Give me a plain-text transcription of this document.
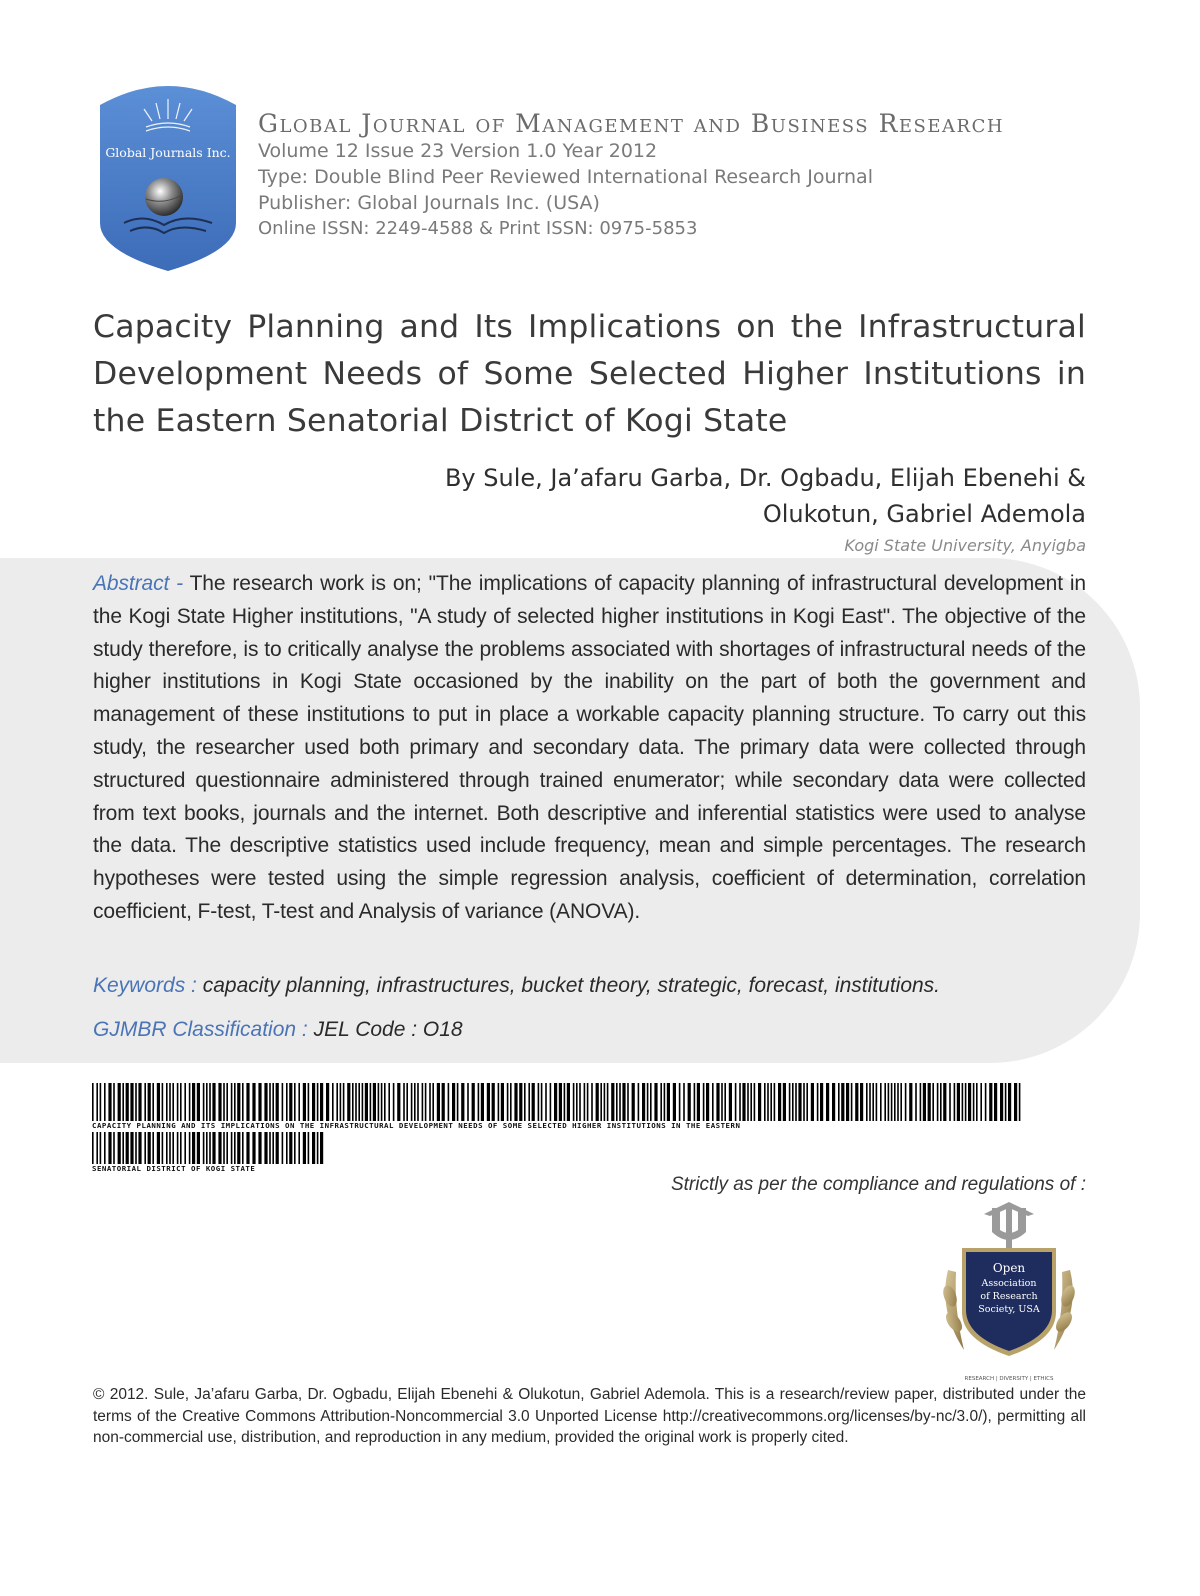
Global Journals Inc.
Global Journal of Management and Business Research
Volume 12 Issue 23 Version 1.0 Year 2012
Type: Double Blind Peer Reviewed International Research Journal
Publisher: Global Journals Inc. (USA)
Online ISSN: 2249-4588 & Print ISSN: 0975-5853
Capacity Planning and Its Implications on the Infrastructural Development Needs of Some Selected Higher Institutions in the Eastern Senatorial District of Kogi State
By Sule, Ja’afaru Garba, Dr. Ogbadu, Elijah Ebenehi &
Olukotun, Gabriel Ademola
Kogi State University, Anyigba
Abstract - The research work is on; "The implications of capacity planning of infrastructural development in the Kogi State Higher institutions, "A study of selected higher institutions in Kogi East". The objective of the study therefore, is to critically analyse the problems associated with shortages of infrastructural needs of the higher institutions in Kogi State occasioned by the inability on the part of both the government and management of these institutions to put in place a workable capacity planning structure. To carry out this study, the researcher used both primary and secondary data. The primary data were collected through structured questionnaire administered through trained enumerator; while secondary data were collected from text books, journals and the internet. Both descriptive and inferential statistics were used to analyse the data. The descriptive statistics used include frequency, mean and simple percentages. The research hypotheses were tested using the simple regression analysis, coefficient of determination, correlation coefficient, F-test, T-test and Analysis of variance (ANOVA).
Keywords : capacity planning, infrastructures, bucket theory, strategic, forecast, institutions.
GJMBR Classification : JEL Code : O18
CAPACITY PLANNING AND ITS IMPLICATIONS ON THE INFRASTRUCTURAL DEVELOPMENT NEEDS OF SOME SELECTED HIGHER INSTITUTIONS IN THE EASTERN
SENATORIAL DISTRICT OF KOGI STATE
Strictly as per the compliance and regulations of :
Open
Association
of Research
Society, USA
RESEARCH | DIVERSITY | ETHICS
© 2012. Sule, Ja’afaru Garba, Dr. Ogbadu, Elijah Ebenehi & Olukotun, Gabriel Ademola. This is a research/review paper, distributed under the terms of the Creative Commons Attribution-Noncommercial 3.0 Unported License http://creativecommons.org/licenses/by-nc/3.0/), permitting all non-commercial use, distribution, and reproduction in any medium, provided the original work is properly cited.
